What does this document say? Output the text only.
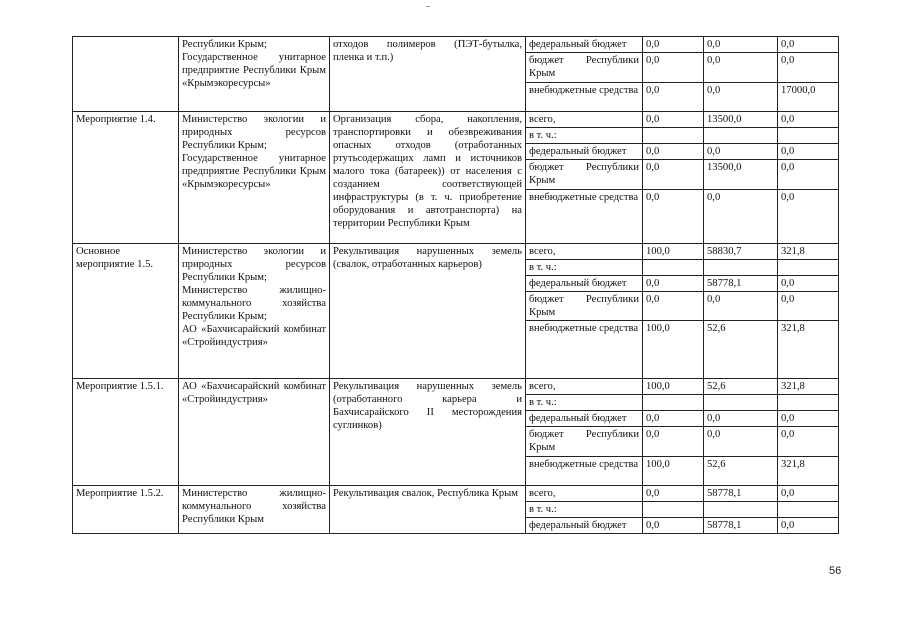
	Республики Крым;
Государственное унитарное предприятие Республики Крым «Крымэкоресурсы»	отходов полимеров (ПЭТ-бутылка, пленка и т.п.)	федеральный бюджет	0,0	0,0	0,0

			бюджет Республики Крым	0,0	0,0	0,0

			внебюджетные средства	0,0	0,0	17000,0

Мероприятие 1.4.	Министерство экологии и природных ресурсов Республики Крым;
Государственное унитарное предприятие Республики Крым «Крымэкоресурсы»	Организация сбора, накопления, транспортировки и обезвреживания опасных отходов (отработанных ртутьсодержащих ламп и источников малого тока (батареек)) от населения с созданием соответствующей инфраструктуры (в т. ч. приобретение оборудования и автотранспорта) на территории Республики Крым	всего,	0,0	13500,0	0,0

			в т. ч.:			

			федеральный бюджет	0,0	0,0	0,0

			бюджет Республики Крым	0,0	13500,0	0,0

			внебюджетные средства	0,0	0,0	0,0

Основное мероприятие 1.5.	Министерство экологии и природных ресурсов Республики Крым;
Министерство жилищно-коммунального хозяйства Республики Крым;
АО «Бахчисарайский комбинат «Стройиндустрия»	Рекультивация нарушенных земель (свалок, отработанных карьеров)	всего,	100,0	58830,7	321,8

			в т. ч.:			

			федеральный бюджет	0,0	58778,1	0,0

			бюджет Республики Крым	0,0	0,0	0,0

			внебюджетные средства	100,0	52,6	321,8

Мероприятие 1.5.1.	АО «Бахчисарайский комбинат «Стройиндустрия»	Рекультивация нарушенных земель (отработанного карьера и Бахчисарайского II месторождения суглинков)	всего,	100,0	52,6	321,8

			в т. ч.:			

			федеральный бюджет	0,0	0,0	0,0

			бюджет Республики Крым	0,0	0,0	0,0

			внебюджетные средства	100,0	52,6	321,8

Мероприятие 1.5.2.	Министерство жилищно-коммунального хозяйства Республики Крым	Рекультивация свалок, Республика Крым	всего,	0,0	58778,1	0,0

			в т. ч.:			

			федеральный бюджет	0,0	58778,1	0,0
56
